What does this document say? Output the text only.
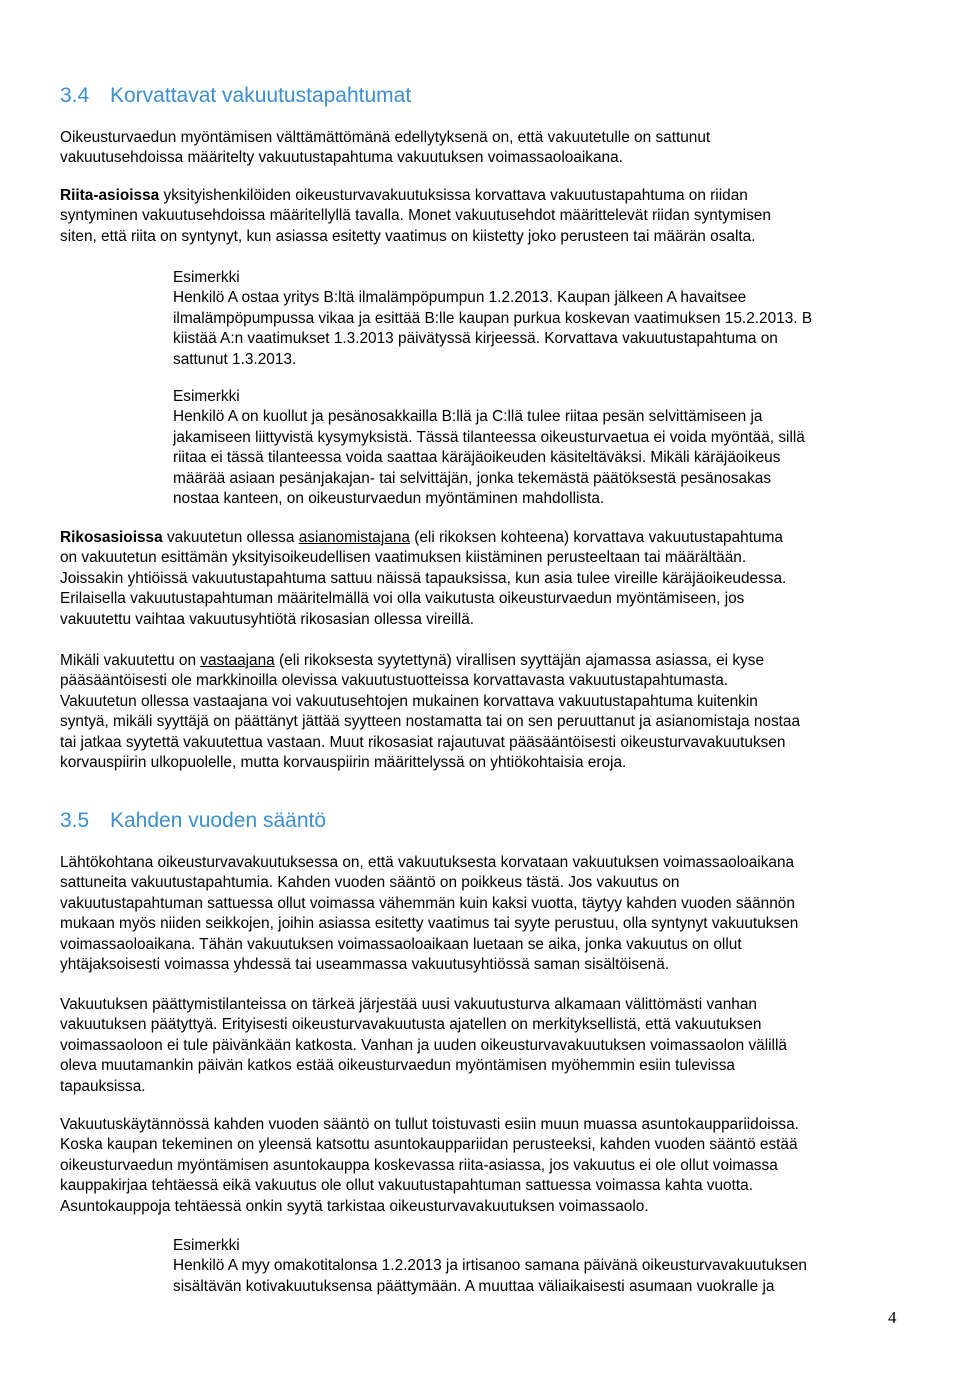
3.4 Korvattavat vakuutustapahtumat
Oikeusturvaedun myöntämisen välttämättömänä edellytyksenä on, että vakuutetulle on sattunut
vakuutusehdoissa määritelty vakuutustapahtuma vakuutuksen voimassaoloaikana.
Riita-asioissa yksityishenkilöiden oikeusturvavakuutuksissa korvattava vakuutustapahtuma on riidan
syntyminen vakuutusehdoissa määritellyllä tavalla. Monet vakuutusehdot määrittelevät riidan syntymisen
siten, että riita on syntynyt, kun asiassa esitetty vaatimus on kiistetty joko perusteen tai määrän osalta.
Esimerkki
Henkilö A ostaa yritys B:ltä ilmalämpöpumpun 1.2.2013. Kaupan jälkeen A havaitsee
ilmalämpöpumpussa vikaa ja esittää B:lle kaupan purkua koskevan vaatimuksen 15.2.2013. B
kiistää A:n vaatimukset 1.3.2013 päivätyssä kirjeessä. Korvattava vakuutustapahtuma on
sattunut 1.3.2013.
Esimerkki
Henkilö A on kuollut ja pesänosakkailla B:llä ja C:llä tulee riitaa pesän selvittämiseen ja
jakamiseen liittyvistä kysymyksistä. Tässä tilanteessa oikeusturvaetua ei voida myöntää, sillä
riitaa ei tässä tilanteessa voida saattaa käräjäoikeuden käsiteltäväksi. Mikäli käräjäoikeus
määrää asiaan pesänjakajan- tai selvittäjän, jonka tekemästä päätöksestä pesänosakas
nostaa kanteen, on oikeusturvaedun myöntäminen mahdollista.
Rikosasioissa vakuutetun ollessa asianomistajana (eli rikoksen kohteena) korvattava vakuutustapahtuma
on vakuutetun esittämän yksityisoikeudellisen vaatimuksen kiistäminen perusteeltaan tai määrältään.
Joissakin yhtiöissä vakuutustapahtuma sattuu näissä tapauksissa, kun asia tulee vireille käräjäoikeudessa.
Erilaisella vakuutustapahtuman määritelmällä voi olla vaikutusta oikeusturvaedun myöntämiseen, jos
vakuutettu vaihtaa vakuutusyhtiötä rikosasian ollessa vireillä.
Mikäli vakuutettu on vastaajana (eli rikoksesta syytettynä) virallisen syyttäjän ajamassa asiassa, ei kyse
pääsääntöisesti ole markkinoilla olevissa vakuutustuotteissa korvattavasta vakuutustapahtumasta.
Vakuutetun ollessa vastaajana voi vakuutusehtojen mukainen korvattava vakuutustapahtuma kuitenkin
syntyä, mikäli syyttäjä on päättänyt jättää syytteen nostamatta tai on sen peruuttanut ja asianomistaja nostaa
tai jatkaa syytettä vakuutettua vastaan. Muut rikosasiat rajautuvat pääsääntöisesti oikeusturvavakuutuksen
korvauspiirin ulkopuolelle, mutta korvauspiirin määrittelyssä on yhtiökohtaisia eroja.
3.5 Kahden vuoden sääntö
Lähtökohtana oikeusturvavakuutuksessa on, että vakuutuksesta korvataan vakuutuksen voimassaoloaikana
sattuneita vakuutustapahtumia. Kahden vuoden sääntö on poikkeus tästä. Jos vakuutus on
vakuutustapahtuman sattuessa ollut voimassa vähemmän kuin kaksi vuotta, täytyy kahden vuoden säännön
mukaan myös niiden seikkojen, joihin asiassa esitetty vaatimus tai syyte perustuu, olla syntynyt vakuutuksen
voimassaoloaikana. Tähän vakuutuksen voimassaoloaikaan luetaan se aika, jonka vakuutus on ollut
yhtäjaksoisesti voimassa yhdessä tai useammassa vakuutusyhtiössä saman sisältöisenä.
Vakuutuksen päättymistilanteissa on tärkeä järjestää uusi vakuutusturva alkamaan välittömästi vanhan
vakuutuksen päätyttyä. Erityisesti oikeusturvavakuutusta ajatellen on merkityksellistä, että vakuutuksen
voimassaoloon ei tule päivänkään katkosta. Vanhan ja uuden oikeusturvavakuutuksen voimassaolon välillä
oleva muutamankin päivän katkos estää oikeusturvaedun myöntämisen myöhemmin esiin tulevissa
tapauksissa.
Vakuutuskäytännössä kahden vuoden sääntö on tullut toistuvasti esiin muun muassa asuntokauppariidoissa.
Koska kaupan tekeminen on yleensä katsottu asuntokauppariidan perusteeksi, kahden vuoden sääntö estää
oikeusturvaedun myöntämisen asuntokauppa koskevassa riita-asiassa, jos vakuutus ei ole ollut voimassa
kauppakirjaa tehtäessä eikä vakuutus ole ollut vakuutustapahtuman sattuessa voimassa kahta vuotta.
Asuntokauppoja tehtäessä onkin syytä tarkistaa oikeusturvavakuutuksen voimassaolo.
Esimerkki
Henkilö A myy omakotitalonsa 1.2.2013 ja irtisanoo samana päivänä oikeusturvavakuutuksen
sisältävän kotivakuutuksensa päättymään. A muuttaa väliaikaisesti asumaan vuokralle ja
4
